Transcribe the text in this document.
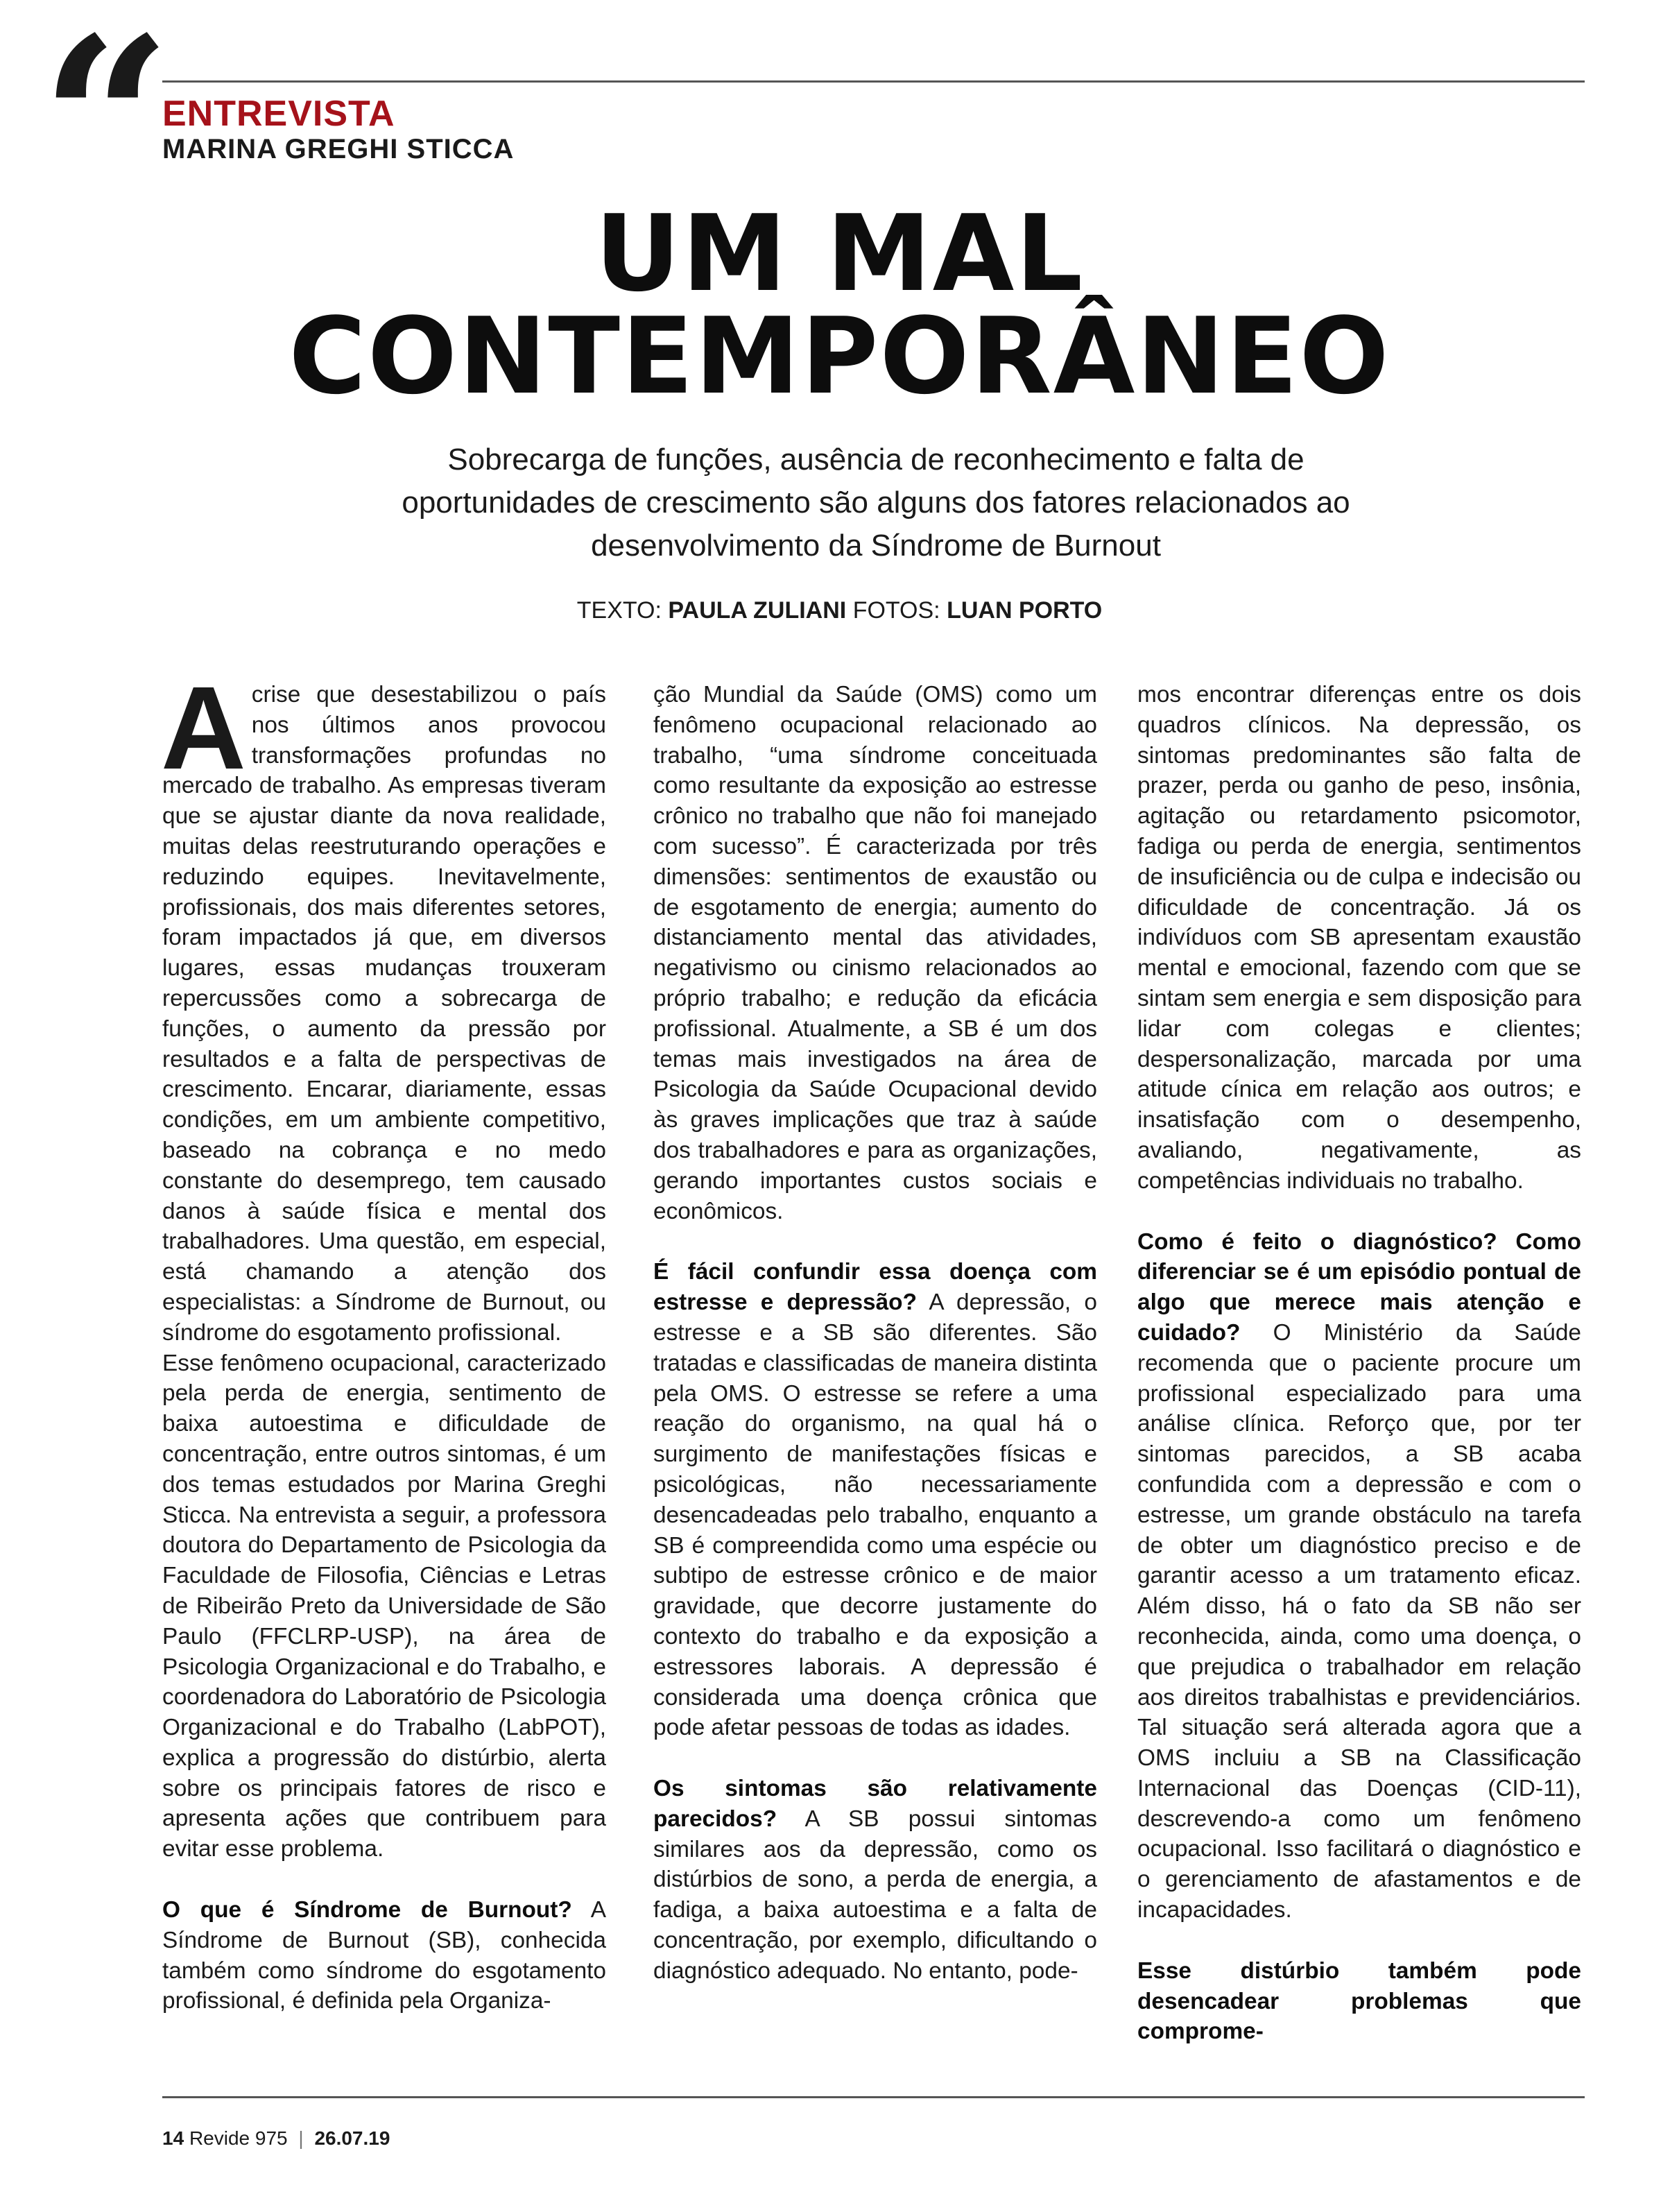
“ ENTREVISTA
MARINA GREGHI STICCA
UM MAL
CONTEMPORÂNEO
Sobrecarga de funções, ausência de reconhecimento e falta de oportunidades de crescimento são alguns dos fatores relacionados ao desenvolvimento da Síndrome de Burnout
TEXTO: PAULA ZULIANI FOTOS: LUAN PORTO

Acrise que desestabilizou o país nos últimos anos provocou transformações profundas no mercado de trabalho. As empresas tiveram que se ajustar diante da nova realidade, muitas delas reestruturando operações e reduzindo equipes. Inevitavelmente, profissionais, dos mais diferentes setores, foram impactados já que, em diversos lugares, essas mudanças trouxeram repercussões como a sobrecarga de funções, o aumento da pressão por resultados e a falta de perspectivas de crescimento. Encarar, diariamente, essas condições, em um ambiente competitivo, baseado na cobrança e no medo constante do desemprego, tem causado danos à saúde física e mental dos trabalhadores. Uma questão, em especial, está chamando a atenção dos especialistas: a Síndrome de Burnout, ou síndrome do esgotamento profissional.

Esse fenômeno ocupacional, caracterizado pela perda de energia, sentimento de baixa autoestima e dificuldade de concentração, entre outros sintomas, é um dos temas estudados por Marina Greghi Sticca. Na entrevista a seguir, a professora doutora do Departamento de Psicologia da Faculdade de Filosofia, Ciências e Letras de Ribeirão Preto da Universidade de São Paulo (FFCLRP-USP), na área de Psicologia Organizacional e do Trabalho, e coordenadora do Laboratório de Psicologia Organizacional e do Trabalho (LabPOT), explica a progressão do distúrbio, alerta sobre os principais fatores de risco e apresenta ações que contribuem para evitar esse problema.

O que é Síndrome de Burnout? A Síndrome de Burnout (SB), conhecida também como síndrome do esgotamento profissional, é definida pela Organiza-

ção Mundial da Saúde (OMS) como um fenômeno ocupacional relacionado ao trabalho, “uma síndrome conceituada como resultante da exposição ao estresse crônico no trabalho que não foi manejado com sucesso”. É caracterizada por três dimensões: sentimentos de exaustão ou de esgotamento de energia; aumento do distanciamento mental das atividades, negativismo ou cinismo relacionados ao próprio trabalho; e redução da eficácia profissional. Atualmente, a SB é um dos temas mais investigados na área de Psicologia da Saúde Ocupacional devido às graves implicações que traz à saúde dos trabalhadores e para as organizações, gerando importantes custos sociais e econômicos.

É fácil confundir essa doença com estresse e depressão? A depressão, o estresse e a SB são diferentes. São tratadas e classificadas de maneira distinta pela OMS. O estresse se refere a uma reação do organismo, na qual há o surgimento de manifestações físicas e psicológicas, não necessariamente desencadeadas pelo trabalho, enquanto a SB é compreendida como uma espécie ou subtipo de estresse crônico e de maior gravidade, que decorre justamente do contexto do trabalho e da exposição a estressores laborais. A depressão é considerada uma doença crônica que pode afetar pessoas de todas as idades.

Os sintomas são relativamente parecidos? A SB possui sintomas similares aos da depressão, como os distúrbios de sono, a perda de energia, a fadiga, a baixa autoestima e a falta de concentração, por exemplo, dificultando o diagnóstico adequado. No entanto, pode-

mos encontrar diferenças entre os dois quadros clínicos. Na depressão, os sintomas predominantes são falta de prazer, perda ou ganho de peso, insônia, agitação ou retardamento psicomotor, fadiga ou perda de energia, sentimentos de insuficiência ou de culpa e indecisão ou dificuldade de concentração. Já os indivíduos com SB apresentam exaustão mental e emocional, fazendo com que se sintam sem energia e sem disposição para lidar com colegas e clientes; despersonalização, marcada por uma atitude cínica em relação aos outros; e insatisfação com o desempenho, avaliando, negativamente, as competências individuais no trabalho.

Como é feito o diagnóstico? Como diferenciar se é um episódio pontual de algo que merece mais atenção e cuidado? O Ministério da Saúde recomenda que o paciente procure um profissional especializado para uma análise clínica. Reforço que, por ter sintomas parecidos, a SB acaba confundida com a depressão e com o estresse, um grande obstáculo na tarefa de obter um diagnóstico preciso e de garantir acesso a um tratamento eficaz. Além disso, há o fato da SB não ser reconhecida, ainda, como uma doença, o que prejudica o trabalhador em relação aos direitos trabalhistas e previdenciários. Tal situação será alterada agora que a OMS incluiu a SB na Classificação Internacional das Doenças (CID-11), descrevendo-a como um fenômeno ocupacional. Isso facilitará o diagnóstico e o gerenciamento de afastamentos e de incapacidades.

Esse distúrbio também pode desencadear problemas que comprome-

14 Revide 975 | 26.07.19
